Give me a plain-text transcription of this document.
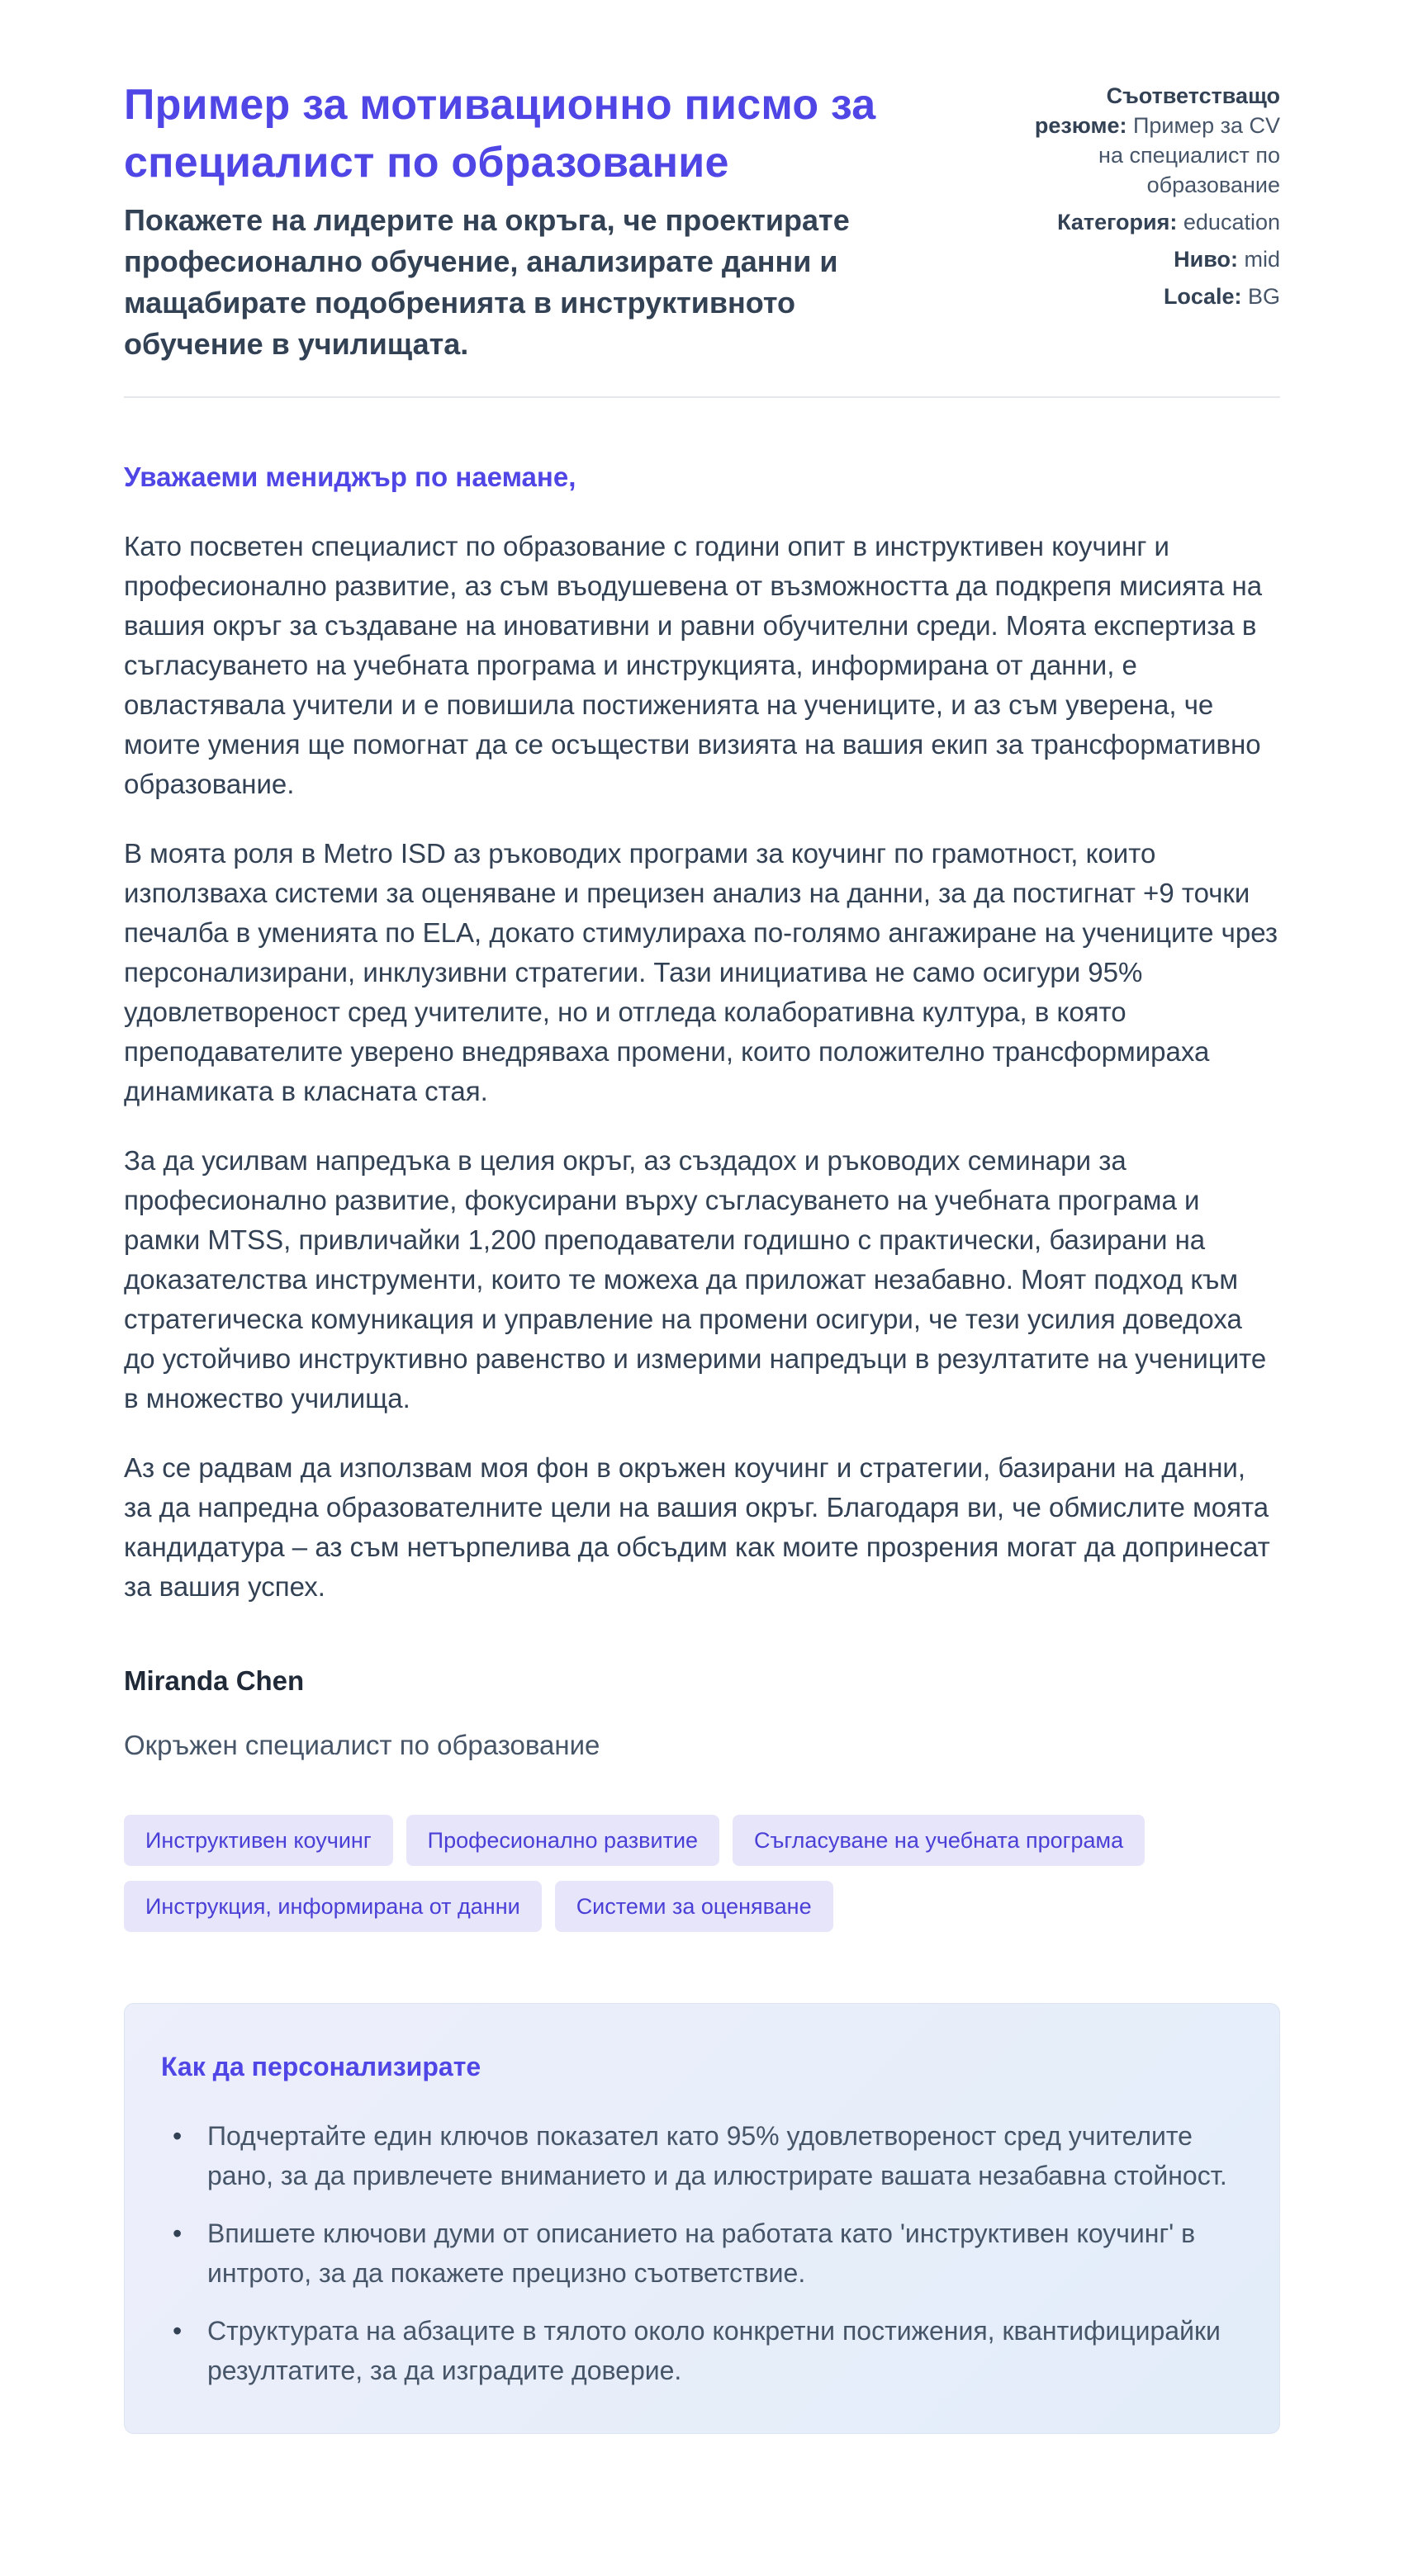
Пример за мотивационно писмо за специалист по образование

Покажете на лидерите на окръга, че проектирате професионално обучение, анализирате данни и мащабирате подобренията в инструктивното обучение в училищата.

Съответстващо резюме: Пример за CV на специалист по образование

Категория: education

Ниво: mid

Locale: BG

Уважаеми мениджър по наемане,

Като посветен специалист по образование с години опит в инструктивен коучинг и професионално развитие, аз съм въодушевена от възможността да подкрепя мисията на вашия окръг за създаване на иновативни и равни обучителни среди. Моята експертиза в съгласуването на учебната програма и инструкцията, информирана от данни, е овластявала учители и е повишила постиженията на учениците, и аз съм уверена, че моите умения ще помогнат да се осъществи визията на вашия екип за трансформативно образование.

В моята роля в Metro ISD аз ръководих програми за коучинг по грамотност, които използваха системи за оценяване и прецизен анализ на данни, за да постигнат +9 точки печалба в уменията по ELA, докато стимулираха по-голямо ангажиране на учениците чрез персонализирани, инклузивни стратегии. Тази инициатива не само осигури 95% удовлетвореност сред учителите, но и отгледа колаборативна култура, в която преподавателите уверено внедряваха промени, които положително трансформираха динамиката в класната стая.

За да усилвам напредъка в целия окръг, аз създадох и ръководих семинари за професионално развитие, фокусирани върху съгласуването на учебната програма и рамки MTSS, привличайки 1,200 преподаватели годишно с практически, базирани на доказателства инструменти, които те можеха да приложат незабавно. Моят подход към стратегическа комуникация и управление на промени осигури, че тези усилия доведоха до устойчиво инструктивно равенство и измерими напредъци в резултатите на учениците в множество училища.

Аз се радвам да използвам моя фон в окръжен коучинг и стратегии, базирани на данни, за да напредна образователните цели на вашия окръг. Благодаря ви, че обмислите моята кандидатура – аз съм нетърпелива да обсъдим как моите прозрения могат да допринесат за вашия успех.

Miranda Chen

Окръжен специалист по образование

Инструктивен коучинг	Професионално развитие	Съгласуване на учебната програма
Инструкция, информирана от данни	Системи за оценяване
Как да персонализирате
• Подчертайте един ключов показател като 95% удовлетвореност сред учителите рано, за да привлечете вниманието и да илюстрирате вашата незабавна стойност.
• Впишете ключови думи от описанието на работата като 'инструктивен коучинг' в интрото, за да покажете прецизно съответствие.
• Структурата на абзаците в тялото около конкретни постижения, квантифицирайки резултатите, за да изградите доверие.
